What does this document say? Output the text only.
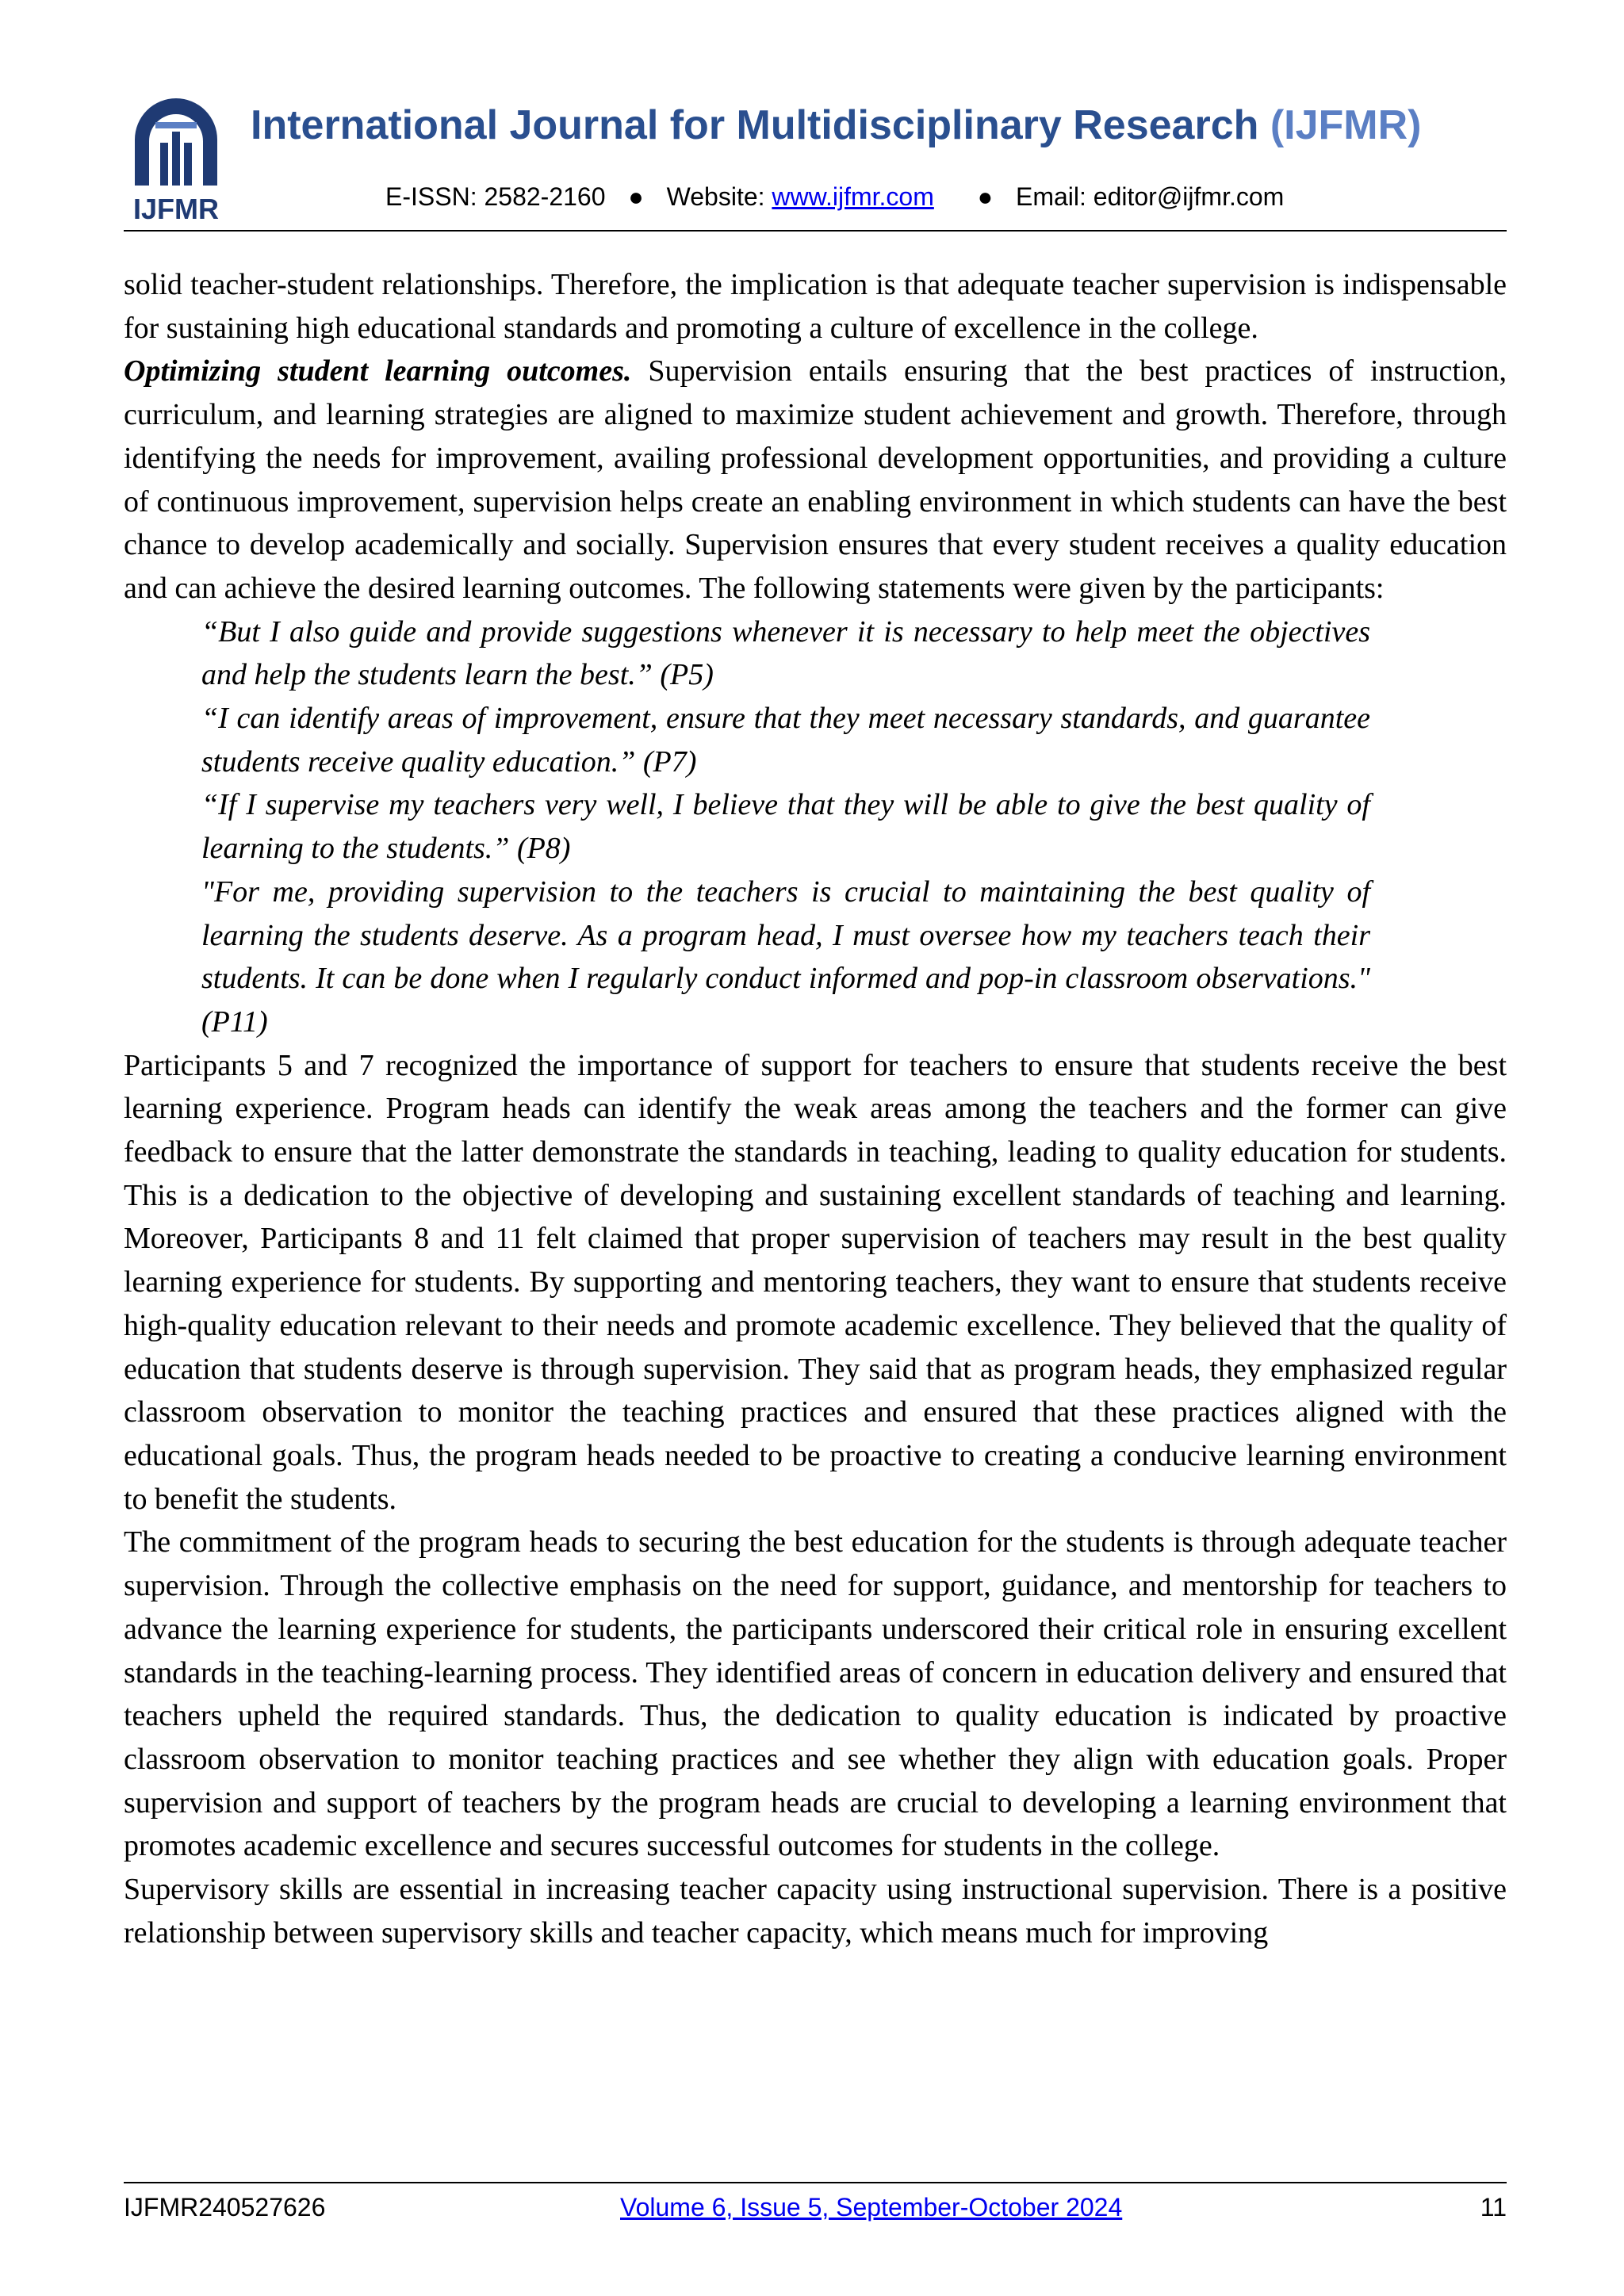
IJFMR
International Journal for Multidisciplinary Research (IJFMR)
E-ISSN: 2582-2160 ● Website: www.ijfmr.com ● Email: editor@ijfmr.com

solid teacher-student relationships. Therefore, the implication is that adequate teacher supervision is indispensable for sustaining high educational standards and promoting a culture of excellence in the college.

Optimizing student learning outcomes. Supervision entails ensuring that the best practices of instruction, curriculum, and learning strategies are aligned to maximize student achievement and growth. Therefore, through identifying the needs for improvement, availing professional development opportunities, and providing a culture of continuous improvement, supervision helps create an enabling environment in which students can have the best chance to develop academically and socially. Supervision ensures that every student receives a quality education and can achieve the desired learning outcomes. The following statements were given by the participants:

“But I also guide and provide suggestions whenever it is necessary to help meet the objectives and help the students learn the best.” (P5)

“I can identify areas of improvement, ensure that they meet necessary standards, and guarantee students receive quality education.” (P7)

“If I supervise my teachers very well, I believe that they will be able to give the best quality of learning to the students.” (P8)

"For me, providing supervision to the teachers is crucial to maintaining the best quality of learning the students deserve. As a program head, I must oversee how my teachers teach their students. It can be done when I regularly conduct informed and pop-in classroom observations." (P11)

Participants 5 and 7 recognized the importance of support for teachers to ensure that students receive the best learning experience. Program heads can identify the weak areas among the teachers and the former can give feedback to ensure that the latter demonstrate the standards in teaching, leading to quality education for students. This is a dedication to the objective of developing and sustaining excellent standards of teaching and learning. Moreover, Participants 8 and 11 felt claimed that proper supervision of teachers may result in the best quality learning experience for students. By supporting and mentoring teachers, they want to ensure that students receive high-quality education relevant to their needs and promote academic excellence. They believed that the quality of education that students deserve is through supervision. They said that as program heads, they emphasized regular classroom observation to monitor the teaching practices and ensured that these practices aligned with the educational goals. Thus, the program heads needed to be proactive to creating a conducive learning environment to benefit the students.

The commitment of the program heads to securing the best education for the students is through adequate teacher supervision. Through the collective emphasis on the need for support, guidance, and mentorship for teachers to advance the learning experience for students, the participants underscored their critical role in ensuring excellent standards in the teaching-learning process. They identified areas of concern in education delivery and ensured that teachers upheld the required standards. Thus, the dedication to quality education is indicated by proactive classroom observation to monitor teaching practices and see whether they align with education goals. Proper supervision and support of teachers by the program heads are crucial to developing a learning environment that promotes academic excellence and secures successful outcomes for students in the college.

Supervisory skills are essential in increasing teacher capacity using instructional supervision. There is a positive relationship between supervisory skills and teacher capacity, which means much for improving

IJFMR240527626	Volume 6, Issue 5, September-October 2024	11
